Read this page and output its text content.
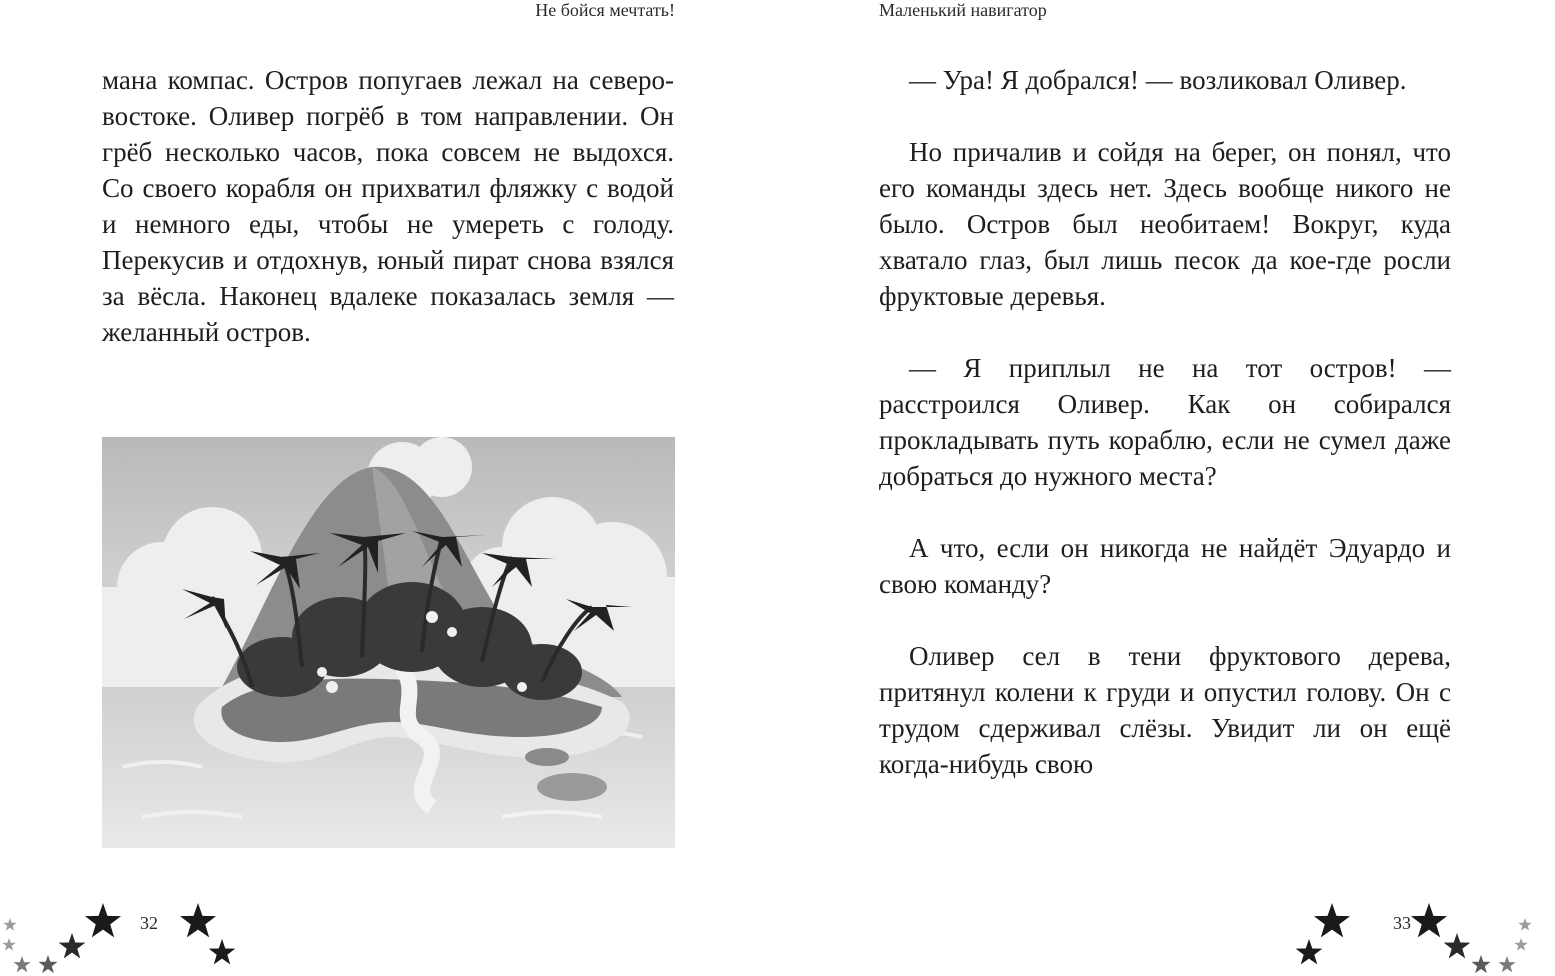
Не бойся мечтать!

мана компас. Остров попугаев лежал на северо-востоке. Оливер погрёб в том направлении. Он грёб несколько часов, пока совсем не выдохся. Со своего корабля он прихватил фляжку с водой и немного еды, чтобы не умереть с голоду. Перекусив и отдохнув, юный пират снова взялся за вёсла. Наконец вдалеке показалась земля — желанный остров.

32
Маленький навигатор

— Ура! Я добрался! — возликовал Оливер.

Но причалив и сойдя на берег, он понял, что его команды здесь нет. Здесь вообще никого не было. Остров был необитаем! Вокруг, куда хватало глаз, был лишь песок да кое-где росли фруктовые деревья.

— Я приплыл не на тот остров! — расстроился Оливер. Как он собирался прокладывать путь кораблю, если не сумел даже добраться до нужного места?

А что, если он никогда не найдёт Эдуардо и свою команду?

Оливер сел в тени фруктового дерева, притянул колени к груди и опустил голову. Он с трудом сдерживал слёзы. Увидит ли он ещё когда-нибудь свою

33
